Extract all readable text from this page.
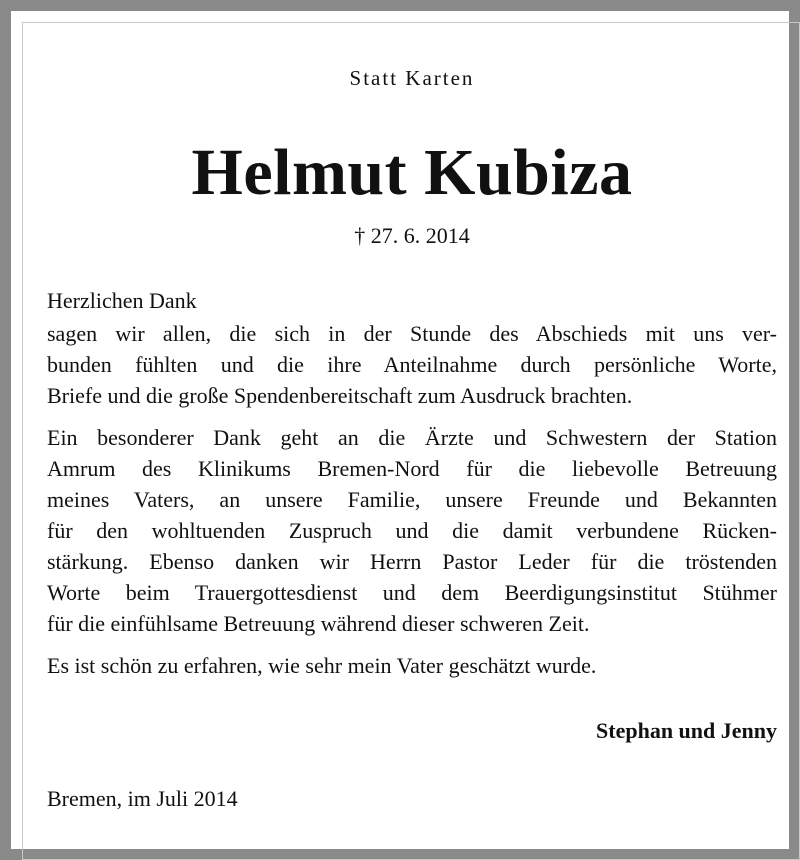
Statt Karten

Helmut Kubiza

† 27. 6. 2014

Herzlichen Dank

sagen wir allen, die sich in der Stunde des Abschieds mit uns ver-
bunden fühlten und die ihre Anteilnahme durch persönliche Worte,
Briefe und die große Spendenbereitschaft zum Ausdruck brachten.

Ein besonderer Dank geht an die Ärzte und Schwestern der Station
Amrum des Klinikums Bremen-Nord für die liebevolle Betreuung
meines Vaters, an unsere Familie, unsere Freunde und Bekannten
für den wohltuenden Zuspruch und die damit verbundene Rücken-
stärkung. Ebenso danken wir Herrn Pastor Leder für die tröstenden
Worte beim Trauergottesdienst und dem Beerdigungsinstitut Stühmer
für die einfühlsame Betreuung während dieser schweren Zeit.

Es ist schön zu erfahren, wie sehr mein Vater geschätzt wurde.

Stephan und Jenny

Bremen, im Juli 2014
